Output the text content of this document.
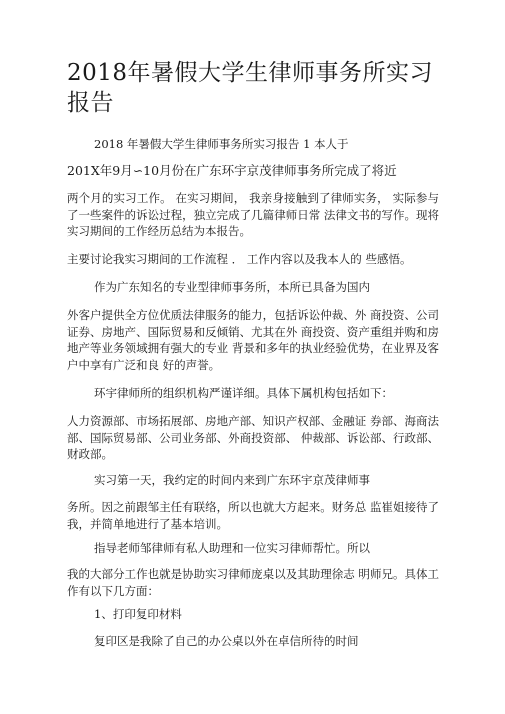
2018年暑假大学生律师事务所实习报告

2018 年暑假大学生律师事务所实习报告 1 本人于

201X年9月∽10月份在广东环宇京茂律师事务所完成了将近

两个月的实习工作。 在实习期间， 我亲身接触到了律师实务， 实际参与了一些案件的诉讼过程，独立完成了几篇律师日常 法律文书的写作。现将实习期间的工作经历总结为本报告。

主要讨论我实习期间的工作流程 ． 工作内容以及我本人的 些感悟。

作为广东知名的专业型律师事务所，本所已具备为国内

外客户提供全方位优质法律服务的能力，包括诉讼仲裁、外 商投资、公司证券、房地产、国际贸易和反倾销、尤其在外 商投资、资产重组并购和房地产等业务领域拥有强大的专业 背景和多年的执业经验优势，在业界及客户中享有广泛和良 好的声誉。

环宇律师所的组织机构严谨详细。具体下属机构包括如下：

人力资源部、市场拓展部、房地产部、知识产权部、金融证 券部、海商法部、国际贸易部、公司业务部、外商投资部、 仲裁部、诉讼部、行政部、财政部。

实习第一天，我约定的时间内来到广东环宇京茂律师事

务所。因之前跟邹主任有联络，所以也就大方起来。财务总 监崔姐接待了我，并简单地进行了基本培训。

指导老师邹律师有私人助理和一位实习律师帮忙。所以

我的大部分工作也就是协助实习律师庞桌以及其助理徐志 明师兄。具体工作有以下几方面：

1、打印复印材料

复印区是我除了自己的办公桌以外在卓信所待的时间
